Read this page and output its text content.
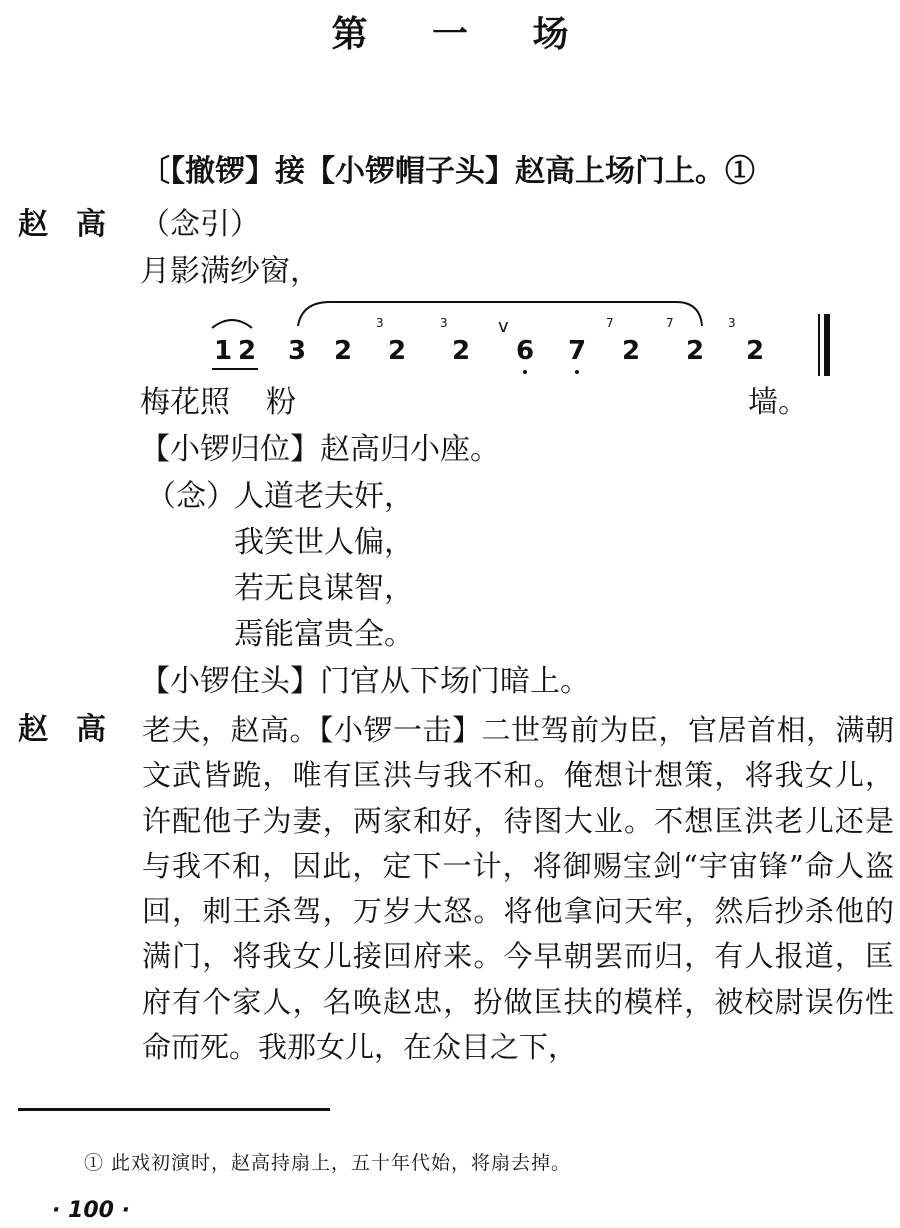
第 一 场
〔【撤锣】接【小锣帽子头】赵高上场门上。①
赵高 （念引）
月影满纱窗，
1 2 3 2
3
2
3
2
v
6 7
7
2
7
2
3
2
梅花照 粉	墙。
【小锣归位】赵高归小座。
（念）
人道老夫奸，
我笑世人偏，
若无良谋智，
焉能富贵全。
【小锣住头】门官从下场门暗上。
赵高 老夫，赵高。【小锣一击】二世驾前为臣，官居首相，满朝文武皆跪，唯有匡洪与我不和。俺想计想策，将我女儿，许配他子为妻，两家和好，待图大业。不想匡洪老儿还是与我不和，因此，定下一计，将御赐宝剑“宇宙锋”命人盗回，刺王杀驾，万岁大怒。将他拿问天牢，然后抄杀他的满门，将我女儿接回府来。今早朝罢而归，有人报道，匡府有个家人，名唤赵忠，扮做匡扶的模样，被校尉误伤性命而死。我那女儿，在众目之下，
① 此戏初演时，赵高持扇上，五十年代始，将扇去掉。
· 100 ·
